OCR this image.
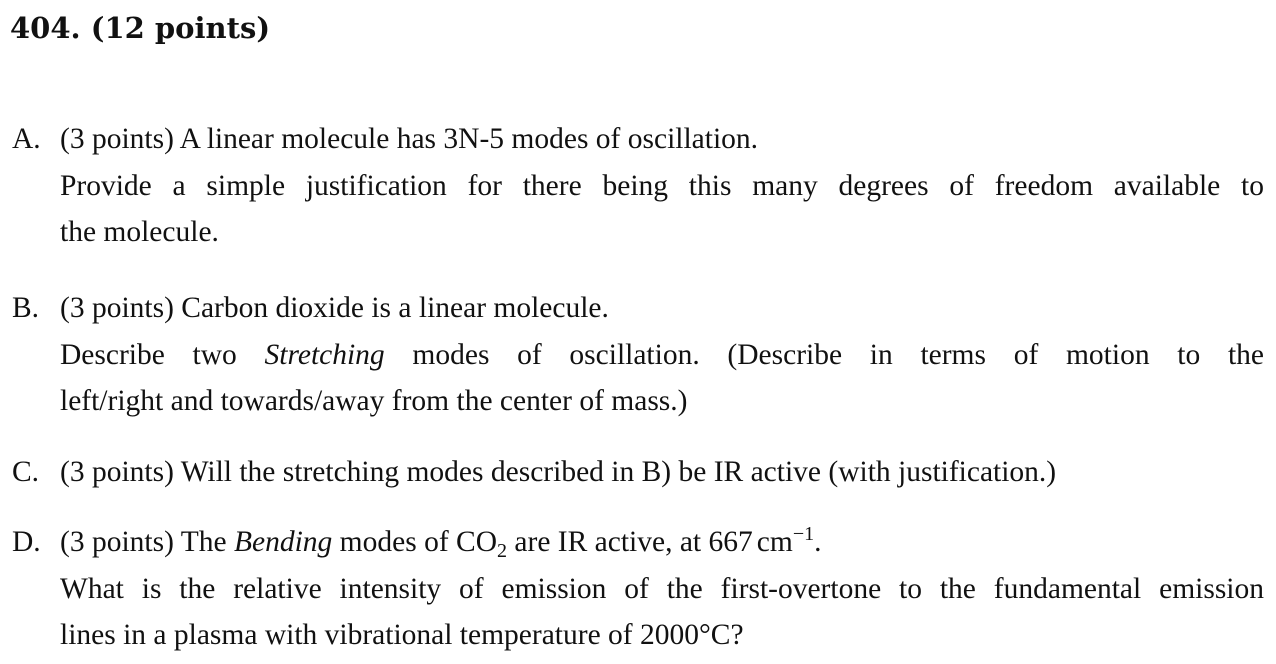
404. (12 points)
A. (3 points) A linear molecule has 3N-5 modes of oscillation.
Provide a simple justification for there being this many degrees of freedom available to
the molecule.
B. (3 points) Carbon dioxide is a linear molecule.
Describe two Stretching modes of oscillation. (Describe in terms of motion to the
left/right and towards/away from the center of mass.)
C. (3 points) Will the stretching modes described in B) be IR active (with justification.)
D. (3 points) The Bending modes of $CO_2$ are IR active, at 667 $cm^{-1}$.
What is the relative intensity of emission of the first-overtone to the fundamental emission
lines in a plasma with vibrational temperature of 2000°C?
